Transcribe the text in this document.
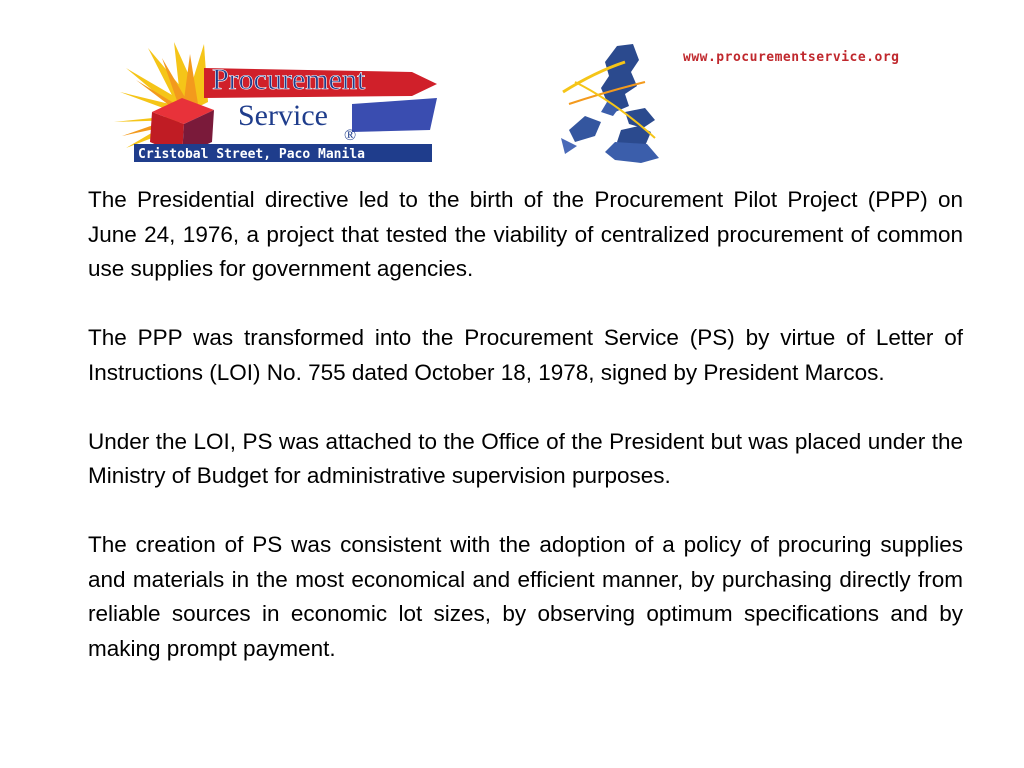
Procurement
Service
®
Cristobal Street, Paco Manila
www.procurementservice.org

The Presidential directive led to the birth of the Procurement Pilot Project (PPP) on June 24, 1976, a project that tested the viability of centralized procurement of common use supplies for government agencies.

The PPP was transformed into the Procurement Service (PS) by virtue of Letter of Instructions (LOI) No. 755 dated October 18, 1978, signed by President Marcos.

Under the LOI, PS was attached to the Office of the President but was placed under the Ministry of Budget for administrative supervision purposes.

The creation of PS was consistent with the adoption of a policy of procuring supplies and materials in the most economical and efficient manner, by purchasing directly from reliable sources in economic lot sizes, by observing optimum specifications and by making prompt payment.
